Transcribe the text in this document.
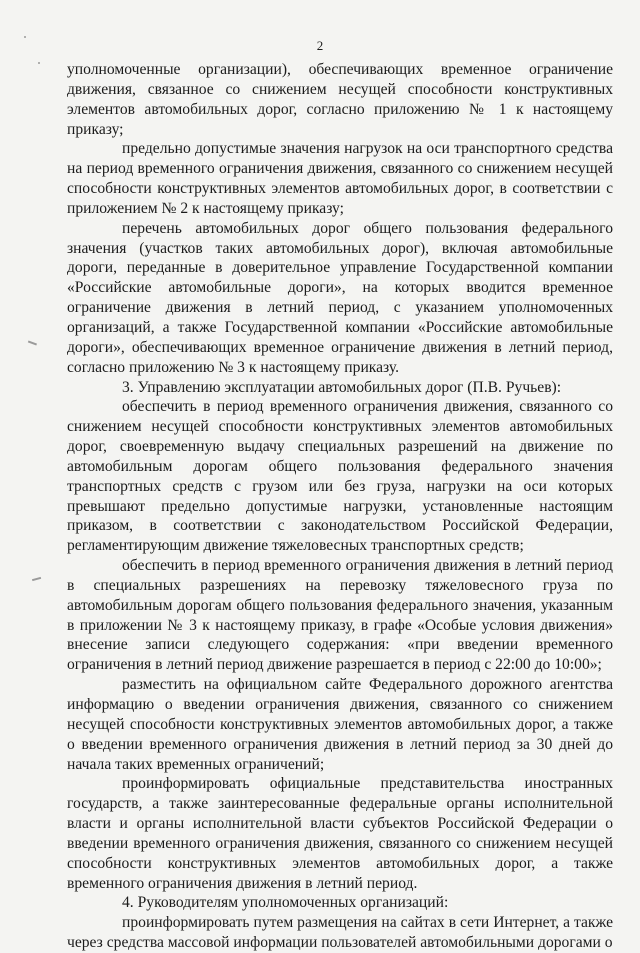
2

уполномоченные организации), обеспечивающих временное ограничение движения, связанное со снижением несущей способности конструктивных элементов автомобильных дорог, согласно приложению № 1 к настоящему приказу;

предельно допустимые значения нагрузок на оси транспортного средства на период временного ограничения движения, связанного со снижением несущей способности конструктивных элементов автомобильных дорог, в соответствии с приложением № 2 к настоящему приказу;

перечень автомобильных дорог общего пользования федерального значения (участков таких автомобильных дорог), включая автомобильные дороги, переданные в доверительное управление Государственной компании «Российские автомобильные дороги», на которых вводится временное ограничение движения в летний период, с указанием уполномоченных организаций, а также Государственной компании «Российские автомобильные дороги», обеспечивающих временное ограничение движения в летний период, согласно приложению № 3 к настоящему приказу.

3. Управлению эксплуатации автомобильных дорог (П.В. Ручьев):

обеспечить в период временного ограничения движения, связанного со снижением несущей способности конструктивных элементов автомобильных дорог, своевременную выдачу специальных разрешений на движение по автомобильным дорогам общего пользования федерального значения транспортных средств с грузом или без груза, нагрузки на оси которых превышают предельно допустимые нагрузки, установленные настоящим приказом, в соответствии с законодательством Российской Федерации, регламентирующим движение тяжеловесных транспортных средств;

обеспечить в период временного ограничения движения в летний период в специальных разрешениях на перевозку тяжеловесного груза по автомобильным дорогам общего пользования федерального значения, указанным в приложении № 3 к настоящему приказу, в графе «Особые условия движения» внесение записи следующего содержания: «при введении временного ограничения в летний период движение разрешается в период с 22:00 до 10:00»;

разместить на официальном сайте Федерального дорожного агентства информацию о введении ограничения движения, связанного со снижением несущей способности конструктивных элементов автомобильных дорог, а также о введении временного ограничения движения в летний период за 30 дней до начала таких временных ограничений;

проинформировать официальные представительства иностранных государств, а также заинтересованные федеральные органы исполнительной власти и органы исполнительной власти субъектов Российской Федерации о введении временного ограничения движения, связанного со снижением несущей способности конструктивных элементов автомобильных дорог, а также временного ограничения движения в летний период.

4. Руководителям уполномоченных организаций:

проинформировать путем размещения на сайтах в сети Интернет, а также через средства массовой информации пользователей автомобильными дорогами о
